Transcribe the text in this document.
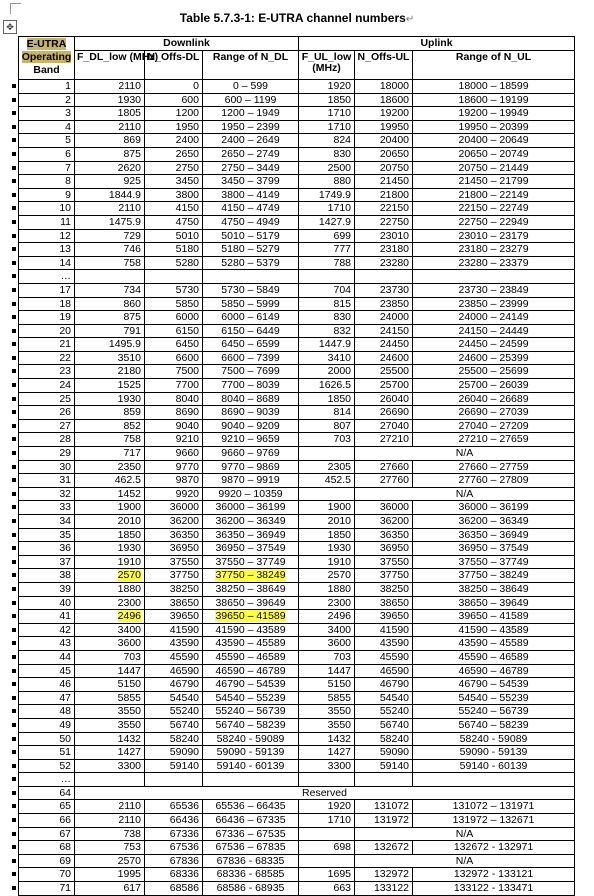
✥
Table 5.7.3-1: E-UTRA channel numbers↵
E-UTRA
Operating
Band	Downlink			Uplink		
	F_DL_low (MHz)	N_Offs-DL	Range of N_DL	F_UL_low (MHz)	N_Offs-UL	Range of N_UL
1	2110	0	0 – 599	1920	18000	18000 – 18599
2	1930	600	600 – 1199	1850	18600	18600 – 19199
3	1805	1200	1200 – 1949	1710	19200	19200 – 19949
4	2110	1950	1950 – 2399	1710	19950	19950 – 20399
5	869	2400	2400 – 2649	824	20400	20400 – 20649
6	875	2650	2650 – 2749	830	20650	20650 – 20749
7	2620	2750	2750 – 3449	2500	20750	20750 – 21449
8	925	3450	3450 – 3799	880	21450	21450 – 21799
9	1844.9	3800	3800 – 4149	1749.9	21800	21800 – 22149
10	2110	4150	4150 – 4749	1710	22150	22150 – 22749
11	1475.9	4750	4750 – 4949	1427.9	22750	22750 – 22949
12	729	5010	5010 – 5179	699	23010	23010 – 23179
13	746	5180	5180 – 5279	777	23180	23180 – 23279
14	758	5280	5280 – 5379	788	23280	23280 – 23379
…						
17	734	5730	5730 – 5849	704	23730	23730 – 23849
18	860	5850	5850 – 5999	815	23850	23850 – 23999
19	875	6000	6000 – 6149	830	24000	24000 – 24149
20	791	6150	6150 – 6449	832	24150	24150 – 24449
21	1495.9	6450	6450 – 6599	1447.9	24450	24450 – 24599
22	3510	6600	6600 – 7399	3410	24600	24600 – 25399
23	2180	7500	7500 – 7699	2000	25500	25500 – 25699
24	1525	7700	7700 – 8039	1626.5	25700	25700 – 26039
25	1930	8040	8040 – 8689	1850	26040	26040 – 26689
26	859	8690	8690 – 9039	814	26690	26690 – 27039
27	852	9040	9040 – 9209	807	27040	27040 – 27209
28	758	9210	9210 – 9659	703	27210	27210 – 27659
29	717	9660	9660 – 9769		N/A	
30	2350	9770	9770 – 9869	2305	27660	27660 – 27759
31	462.5	9870	9870 – 9919	452.5	27760	27760 – 27809
32	1452	9920	9920 – 10359		N/A	
33	1900	36000	36000 – 36199	1900	36000	36000 – 36199
34	2010	36200	36200 – 36349	2010	36200	36200 – 36349
35	1850	36350	36350 – 36949	1850	36350	36350 – 36949
36	1930	36950	36950 – 37549	1930	36950	36950 – 37549
37	1910	37550	37550 – 37749	1910	37550	37550 – 37749
38	2570	37750	37750 – 38249	2570	37750	37750 – 38249
39	1880	38250	38250 – 38649	1880	38250	38250 – 38649
40	2300	38650	38650 – 39649	2300	38650	38650 – 39649
41	2496	39650	39650 – 41589	2496	39650	39650 – 41589
42	3400	41590	41590 – 43589	3400	41590	41590 – 43589
43	3600	43590	43590 – 45589	3600	43590	43590 – 45589
44	703	45590	45590 – 46589	703	45590	45590 – 46589
45	1447	46590	46590 – 46789	1447	46590	46590 – 46789
46	5150	46790	46790 – 54539	5150	46790	46790 – 54539
47	5855	54540	54540 – 55239	5855	54540	54540 – 55239
48	3550	55240	55240 – 56739	3550	55240	55240 – 56739
49	3550	56740	56740 – 58239	3550	56740	56740 – 58239
50	1432	58240	58240 - 59089	1432	58240	58240 - 59089
51	1427	59090	59090 - 59139	1427	59090	59090 - 59139
52	3300	59140	59140 - 60139	3300	59140	59140 - 60139
…						
64	Reserved					
65	2110	65536	65536 – 66435	1920	131072	131072 – 131971
66	2110	66436	66436 – 67335	1710	131972	131972 – 132671
67	738	67336	67336 – 67535		N/A	
68	753	67536	67536 – 67835	698	132672	132672 - 132971
69	2570	67836	67836 - 68335		N/A	
70	1995	68336	68336 - 68585	1695	132972	132972 - 133121
71	617	68586	68586 - 68935	663	133122	133122 - 133471
